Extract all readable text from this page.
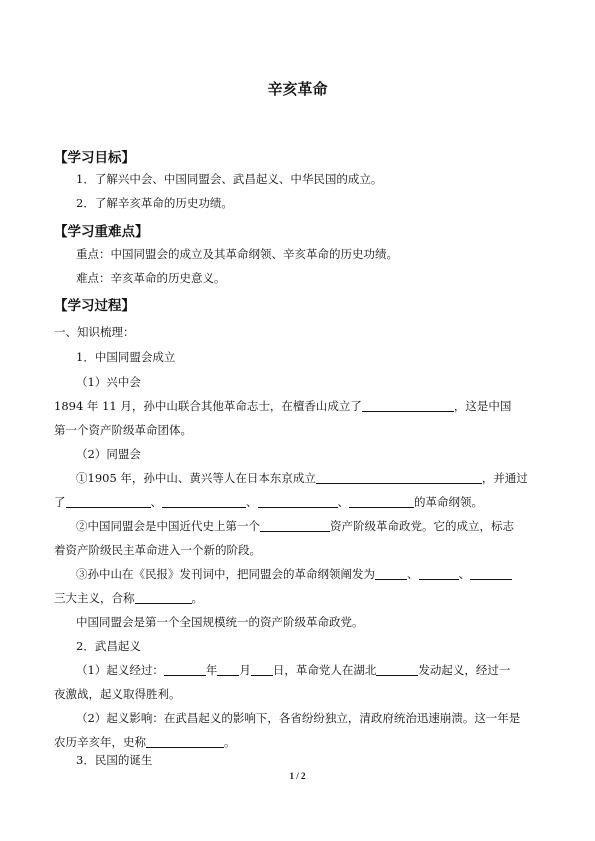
辛亥革命
【学习目标】
1．了解兴中会、中国同盟会、武昌起义、中华民国的成立。
2．了解辛亥革命的历史功绩。
【学习重难点】
重点：中国同盟会的成立及其革命纲领、辛亥革命的历史功绩。
难点：辛亥革命的历史意义。
【学习过程】
一、知识梳理：
1．中国同盟会成立
（1）兴中会
1894 年 11 月，孙中山联合其他革命志士，在檀香山成立了	，这是中国
第一个资产阶级革命团体。
（2）同盟会
①1905 年，孙中山、黄兴等人在日本东京成立	，并通过
了	、	、	、	的革命纲领。
②中国同盟会是中国近代史上第一个	资产阶级革命政党。它的成立，标志
着资产阶级民主革命进入一个新的阶段。
③孙中山在《民报》发刊词中，把同盟会的革命纲领阐发为	、	、
三大主义，合称	。
中国同盟会是第一个全国规模统一的资产阶级革命政党。
2．武昌起义
（1）起义经过：	年 月 日，革命党人在湖北	发动起义，经过一
夜激战，起义取得胜利。
（2）起义影响：在武昌起义的影响下，各省纷纷独立，清政府统治迅速崩溃。这一年是
农历辛亥年，史称	。
3．民国的诞生
1 / 2
